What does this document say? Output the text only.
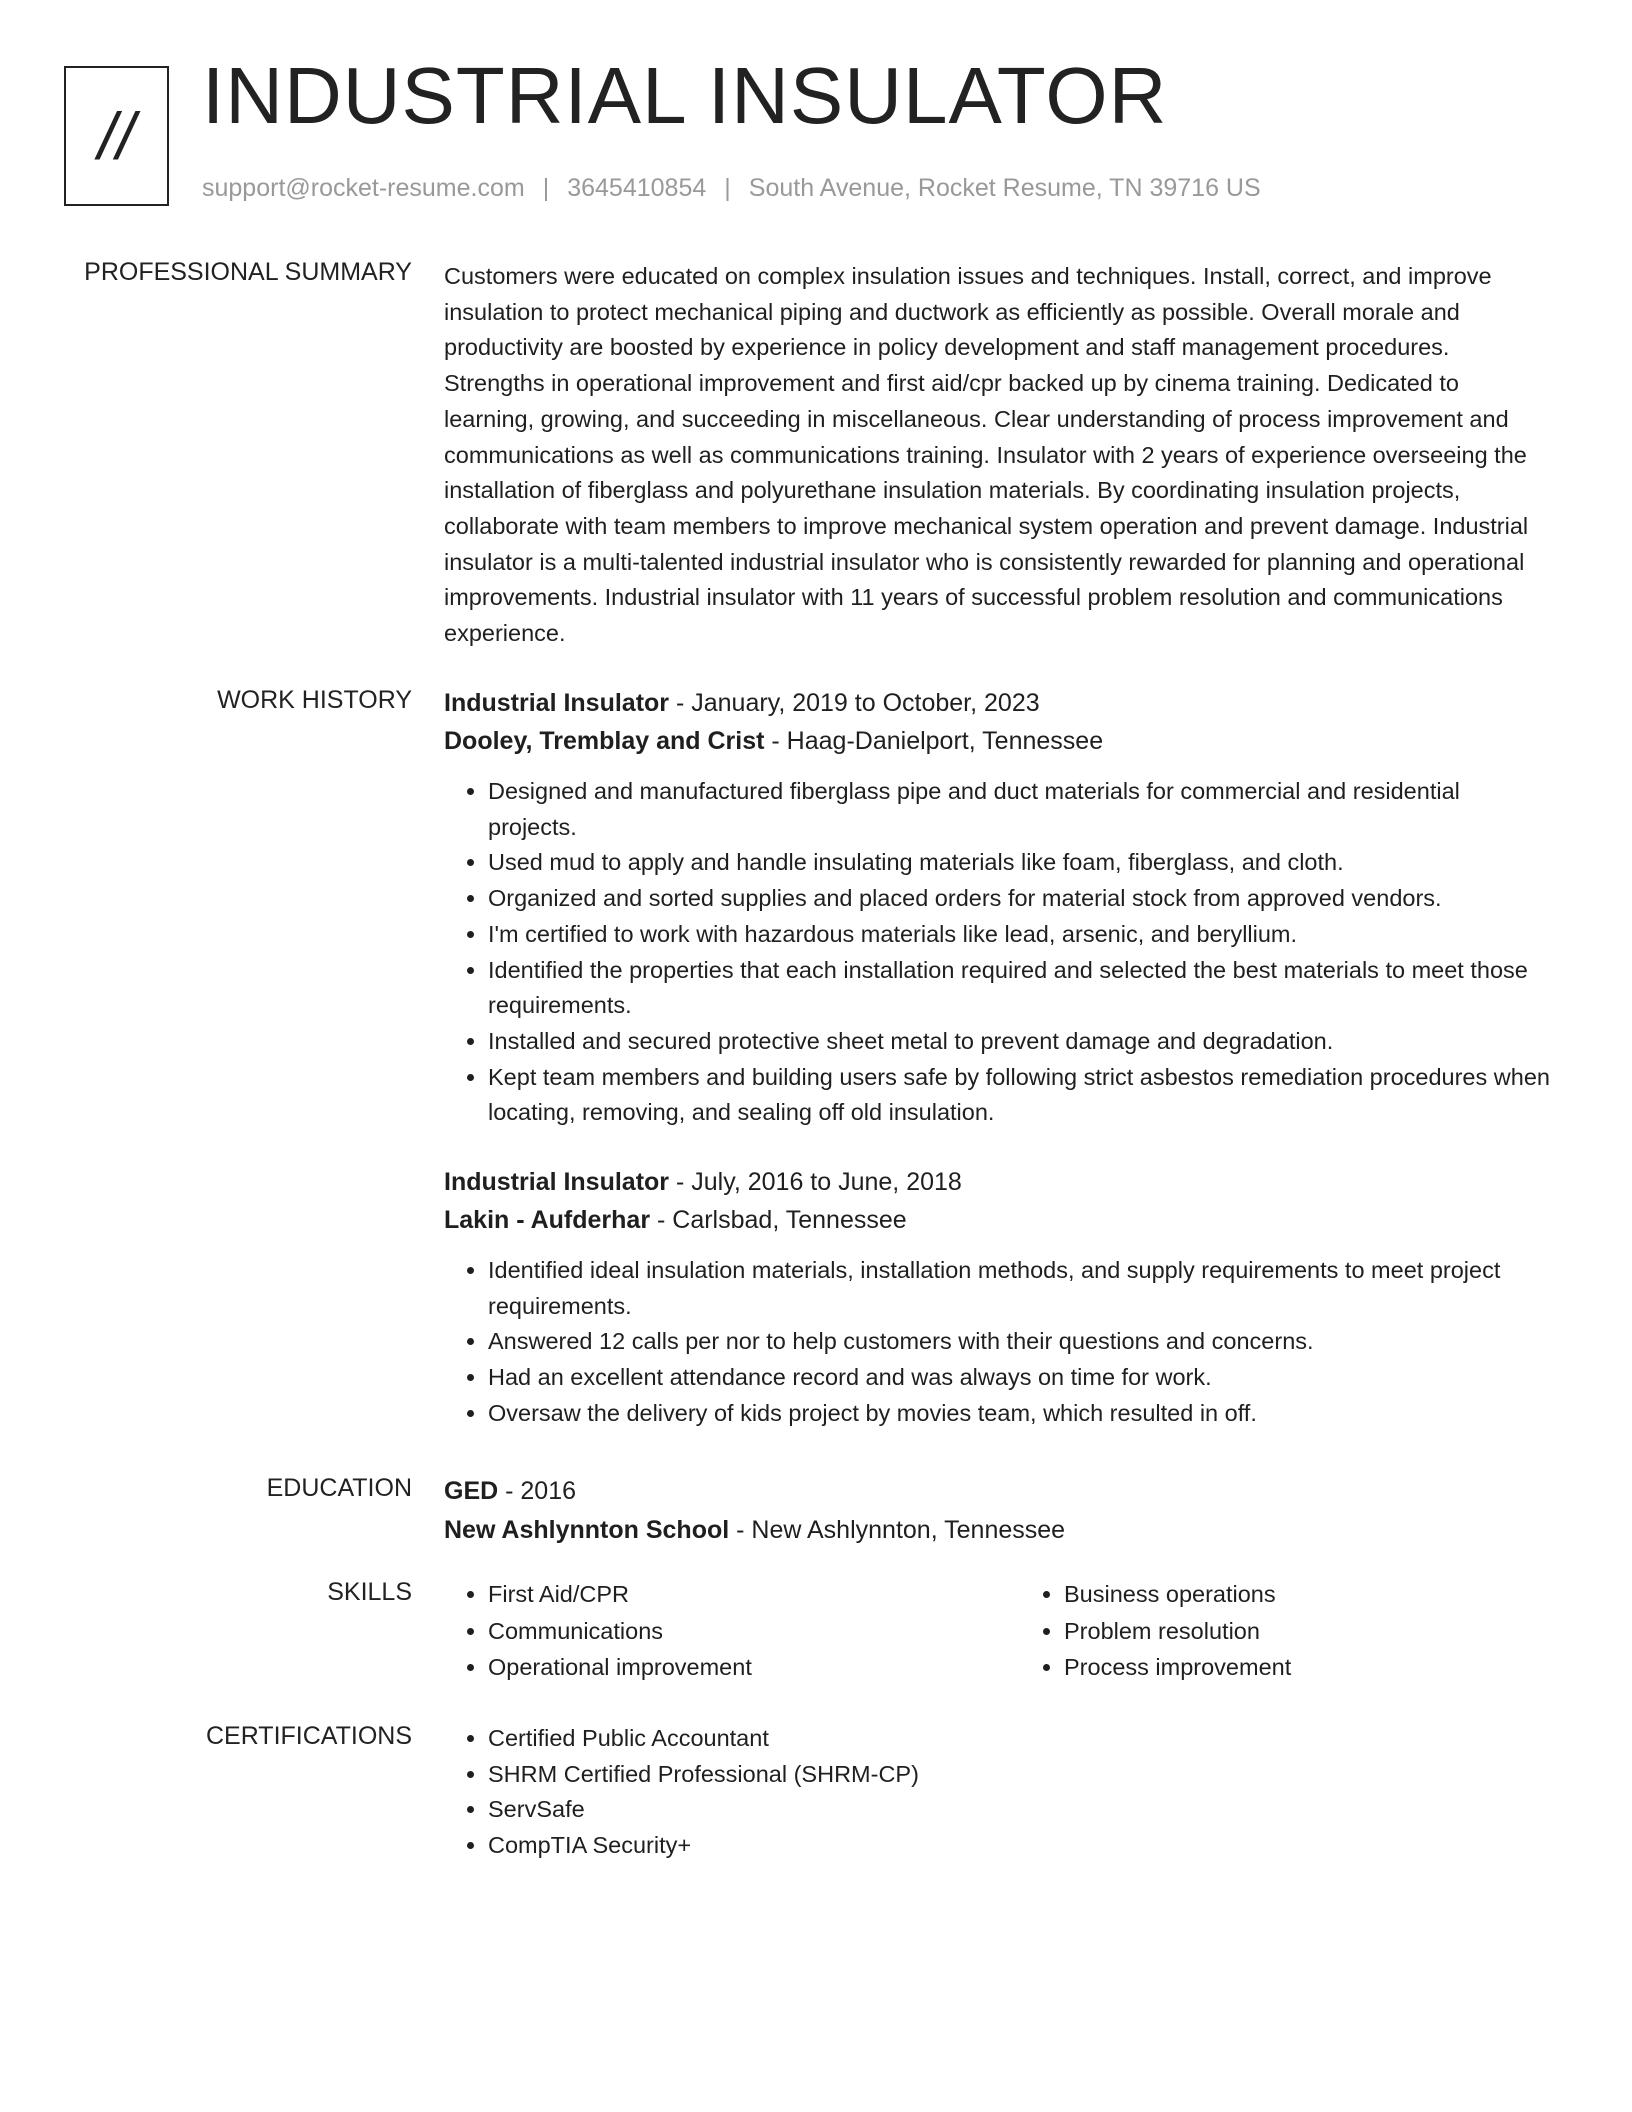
// INDUSTRIAL INSULATOR
support@rocket-resume.com | 3645410854 | South Avenue, Rocket Resume, TN 39716 US
PROFESSIONAL SUMMARY Customers were educated on complex insulation issues and techniques. Install, correct, and improve insulation to protect mechanical piping and ductwork as efficiently as possible. Overall morale and productivity are boosted by experience in policy development and staff management procedures. Strengths in operational improvement and first aid/cpr backed up by cinema training. Dedicated to learning, growing, and succeeding in miscellaneous. Clear understanding of process improvement and communications as well as communications training. Insulator with 2 years of experience overseeing the installation of fiberglass and polyurethane insulation materials. By coordinating insulation projects, collaborate with team members to improve mechanical system operation and prevent damage. Industrial insulator is a multi-talented industrial insulator who is consistently rewarded for planning and operational improvements. Industrial insulator with 11 years of successful problem resolution and communications experience.

WORK HISTORY Industrial Insulator - January, 2019 to October, 2023
Dooley, Tremblay and Crist - Haag-Danielport, Tennessee
• Designed and manufactured fiberglass pipe and duct materials for commercial and residential projects.
• Used mud to apply and handle insulating materials like foam, fiberglass, and cloth.
• Organized and sorted supplies and placed orders for material stock from approved vendors.
• I'm certified to work with hazardous materials like lead, arsenic, and beryllium.
• Identified the properties that each installation required and selected the best materials to meet those requirements.
• Installed and secured protective sheet metal to prevent damage and degradation.
• Kept team members and building users safe by following strict asbestos remediation procedures when locating, removing, and sealing off old insulation.
Industrial Insulator - July, 2016 to June, 2018
Lakin - Aufderhar - Carlsbad, Tennessee
• Identified ideal insulation materials, installation methods, and supply requirements to meet project requirements.
• Answered 12 calls per nor to help customers with their questions and concerns.
• Had an excellent attendance record and was always on time for work.
• Oversaw the delivery of kids project by movies team, which resulted in off.
EDUCATION GED - 2016
New Ashlynnton School - New Ashlynnton, Tennessee
SKILLS	• First Aid/CPR
• Communications
• Operational improvement
• Business operations
• Problem resolution
• Process improvement
CERTIFICATIONS	• Certified Public Accountant
• SHRM Certified Professional (SHRM-CP)
• ServSafe
• CompTIA Security+
